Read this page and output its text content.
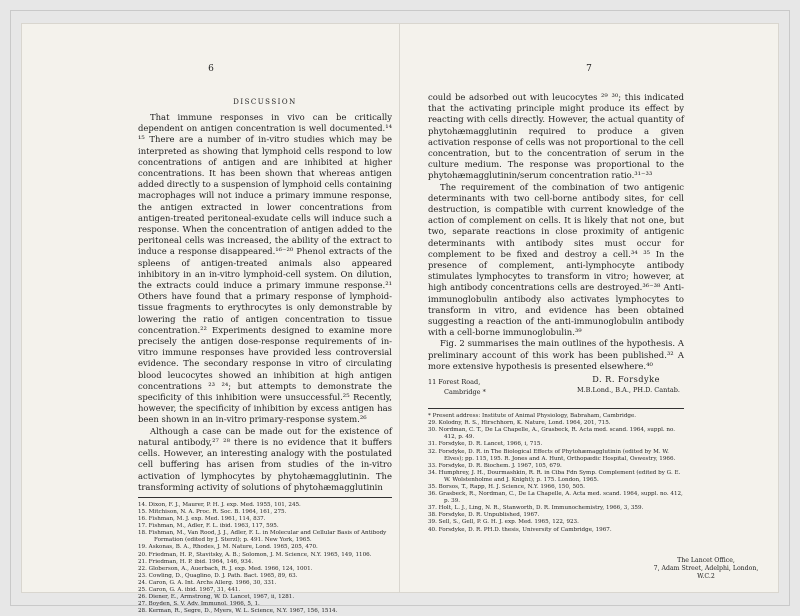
6
DISCUSSION

That immune responses in vivo can be critically dependent on antigen concentration is well documented.¹⁴ ¹⁵ There are a number of in-vitro studies which may be interpreted as showing that lymphoid cells respond to low concentrations of antigen and are inhibited at higher concentrations. It has been shown that whereas antigen added directly to a suspension of lymphoid cells containing macrophages will not induce a primary immune response, the antigen extracted in lower concentrations from antigen-treated peritoneal-exudate cells will induce such a response. When the concentration of antigen added to the peritoneal cells was increased, the ability of the extract to induce a response disappeared.¹⁶⁻²⁰ Phenol extracts of the spleens of antigen-treated animals also appeared inhibitory in an in-vitro lymphoid-cell system. On dilution, the extracts could induce a primary immune response.²¹ Others have found that a primary response of lymphoid-tissue fragments to erythrocytes is only demonstrable by lowering the ratio of antigen concentration to tissue concentration.²² Experiments designed to examine more precisely the antigen dose-response requirements of in-vitro immune responses have provided less controversial evidence. The secondary response in vitro of circulating blood leucocytes showed an inhibition at high antigen concentrations ²³ ²⁴; but attempts to demonstrate the specificity of this inhibition were unsuccessful.²⁵ Recently, however, the specificity of inhibition by excess antigen has been shown in an in-vitro primary-response system.²⁶

Although a case can be made out for the existence of natural antibody,²⁷ ²⁸ there is no evidence that it buffers cells. However, an interesting analogy with the postulated cell buffering has arisen from studies of the in-vitro activation of lymphocytes by phytohæmagglutinin. The transforming activity of solutions of phytohæmagglutinin

14. Dixon, F. J., Maurer, P. H. J. exp. Med. 1955, 101, 245.
15. Mitchison, N. A. Proc. R. Soc. B. 1964, 161, 275.
16. Fishman, M. J. exp. Med. 1961, 114, 837.
17. Fishman, M., Adler, F. L. ibid. 1963, 117, 595.
18. Fishman, M., Van Rood, J. J., Adler, F. L. in Molecular and Cellular Basis of Antibody Formation (edited by J. Sterzl); p. 491. New York, 1965.
19. Askonas, B. A., Rhodes, J. M. Nature, Lond. 1965, 205, 470.
20. Friedman, H. P., Stavitsky, A. B.; Solomon, J. M. Science, N.Y. 1965, 149, 1106.
21. Friedman, H. P. ibid. 1964, 146, 934.
22. Globerson, A., Auerbach, R. J. exp. Med. 1966, 124, 1001.
23. Cowling, D., Quaglino, D. J. Path. Bact. 1965, 89, 63.
24. Caron, G. A. Int. Archs Allerg. 1966, 30, 331.
25. Caron, G. A. ibid. 1967, 31, 441.
26. Diener, E., Armstrong, W. D. Lancet, 1967, ii, 1281.
27. Boyden, S. V. Adv. Immunol. 1966, 5, 1.
28. Kerman, R., Segre, D., Myers, W. L. Science, N.Y. 1967, 156, 1514.
7

could be adsorbed out with leucocytes ²⁹ ³⁰; this indicated that the activating principle might produce its effect by reacting with cells directly. However, the actual quantity of phytohæmagglutinin required to produce a given activation response of cells was not proportional to the cell concentration, but to the concentration of serum in the culture medium. The response was proportional to the phytohæmagglutinin/serum concentration ratio.³¹⁻³³

The requirement of the combination of two antigenic determinants with two cell-borne antibody sites, for cell destruction, is compatible with current knowledge of the action of complement on cells. It is likely that not one, but two, separate reactions in close proximity of antigenic determinants with antibody sites must occur for complement to be fixed and destroy a cell.³⁴ ³⁵ In the presence of complement, anti-lymphocyte antibody stimulates lymphocytes to transform in vitro; however, at high antibody concentrations cells are destroyed.³⁶⁻³⁸ Anti-immunoglobulin antibody also activates lymphocytes to transform in vitro, and evidence has been obtained suggesting a reaction of the anti-immunoglobulin antibody with a cell-borne immunoglobulin.³⁹

Fig. 2 summarises the main outlines of the hypothesis. A preliminary account of this work has been published.³² A more extensive hypothesis is presented elsewhere.⁴⁰

11 Forest Road,
Cambridge *
D. R. Forsdyke
M.B.Lond., B.A., PH.D. Cantab.
* Present address: Institute of Animal Physiology, Babraham, Cambridge.
29. Kolodny, R. S., Hirschhorn, K. Nature, Lond. 1964, 201, 715.
30. Nordman, C. T., De La Chapelle, A., Grasbeck, R. Acta med. scand. 1964, suppl. no. 412, p. 49.
31. Forsdyke, D. R. Lancet, 1966, i, 715.
32. Forsdyke, D. R. in The Biological Effects of Phytohæmagglutinin (edited by M. W. Elves); pp. 115, 195. R. Jones and A. Hunt, Orthopædic Hospital, Oswestry, 1966.
33. Forsdyke, D. R. Biochem. J. 1967, 105, 679.
34. Humphrey, J. H., Dourmashkin, R. R. in Ciba Fdn Symp. Complement (edited by G. E. W. Wolstenholme and J. Knight); p. 175. London, 1965.
35. Borsos, T., Rapp, H. J. Science, N.Y. 1966, 150, 505.
36. Grasbeck, R., Nordman, C., De La Chapelle, A. Acta med. scand. 1964, suppl. no. 412, p. 39.
37. Holt, L. J., Ling, N. R., Stanworth, D. R. Immunochemistry, 1966, 3, 359.
38. Forsdyke, D. R. Unpublished, 1967.
39. Sell, S., Gell, P. G. H. J. exp. Med. 1965, 122, 923.
40. Forsdyke, D. R. PH.D. thesis, University of Cambridge, 1967.
The Lancet Office,
7, Adam Street, Adelphi, London, W.C.2
